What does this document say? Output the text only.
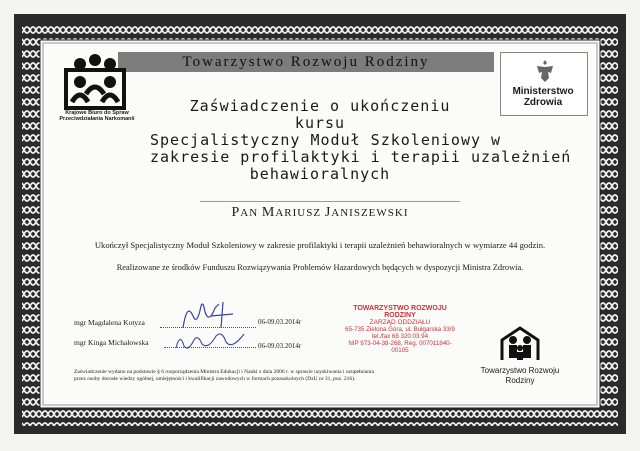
Towarzystwo Rozwoju Rodziny
Krajowe Biuro do Spraw
Przeciwdziałania Narkomanii
Ministerstwo Zdrowia
Zaświadczenie o ukończeniu
kursu
Specjalistyczny Moduł Szkoleniowy w
zakresie profilaktyki i terapii uzależnień
behawioralnych
PAN MARIUSZ JANISZEWSKI
Ukończył Specjalistyczny Moduł Szkoleniowy w zakresie profilaktyki i terapii uzależnień behawioralnych w wymiarze 44 godzin.
Realizowane ze środków Funduszu Rozwiązywania Problemów Hazardowych będących w dyspozycji Ministra Zdrowia.
mgr Magdalena Kotyza	06-09.03.2014r
mgr Kinga Michałowska	06-09.03.2014r
TOWARZYSTWO ROZWOJU RODZINY
ZARZĄD ODDZIAŁU
65-735 Zielona Góra, ul. Bułgarska 33/9
tel./fax 68 320 03 94
NIP 973-04-38-268, Reg. 007011840-00105
Towarzystwo Rozwoju
Rodziny
Zaświadczenie wydano na podstawie § 6 rozporządzenia Ministra Edukacji i Nauki z dnia 2006 r. w sprawie uzyskiwania i uzupełniania
przez osoby dorosłe wiedzy ogólnej, umiejętności i kwalifikacji zawodowych w formach pozaszkolnych (DzU nr 31, poz. 216).
